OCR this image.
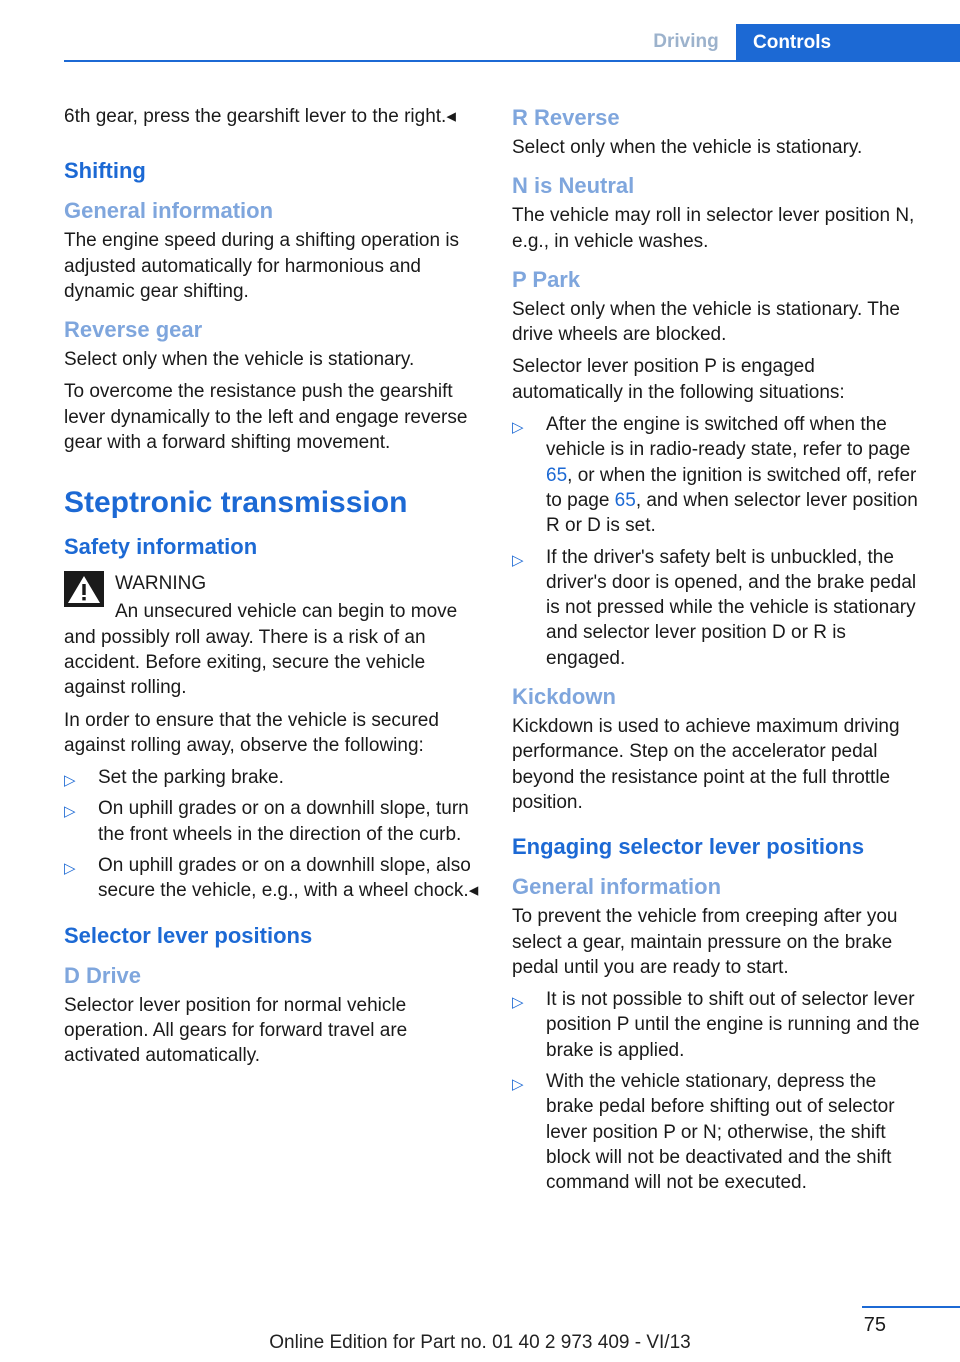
Driving	Controls

6th gear, press the gearshift lever to the right.◂

Shifting
General information

The engine speed during a shifting operation is adjusted automatically for harmonious and dynamic gear shifting.

Reverse gear

Select only when the vehicle is stationary.

To overcome the resistance push the gearshift lever dynamically to the left and engage reverse gear with a forward shifting movement.

Steptronic transmission
Safety information
WARNING

An unsecured vehicle can begin to move and possibly roll away. There is a risk of an accident. Before exiting, secure the vehicle against rolling.

In order to ensure that the vehicle is secured against rolling away, observe the following:

▷ Set the parking brake.
▷ On uphill grades or on a downhill slope, turn the front wheels in the direction of the curb.
▷ On uphill grades or on a downhill slope, also secure the vehicle, e.g., with a wheel chock.◂
Selector lever positions
D Drive

Selector lever position for normal vehicle operation. All gears for forward travel are activated automatically.

R Reverse

Select only when the vehicle is stationary.

N is Neutral

The vehicle may roll in selector lever position N, e.g., in vehicle washes.

P Park

Select only when the vehicle is stationary. The drive wheels are blocked.

Selector lever position P is engaged automatically in the following situations:

▷ After the engine is switched off when the vehicle is in radio-ready state, refer to page 65, or when the ignition is switched off, refer to page 65, and when selector lever position R or D is set.
▷ If the driver's safety belt is unbuckled, the driver's door is opened, and the brake pedal is not pressed while the vehicle is stationary and selector lever position D or R is engaged.
Kickdown

Kickdown is used to achieve maximum driving performance. Step on the accelerator pedal beyond the resistance point at the full throttle position.

Engaging selector lever positions
General information

To prevent the vehicle from creeping after you select a gear, maintain pressure on the brake pedal until you are ready to start.

▷ It is not possible to shift out of selector lever position P until the engine is running and the brake is applied.
▷ With the vehicle stationary, depress the brake pedal before shifting out of selector lever position P or N; otherwise, the shift block will not be deactivated and the shift command will not be executed.
75
Online Edition for Part no. 01 40 2 973 409 - VI/13
